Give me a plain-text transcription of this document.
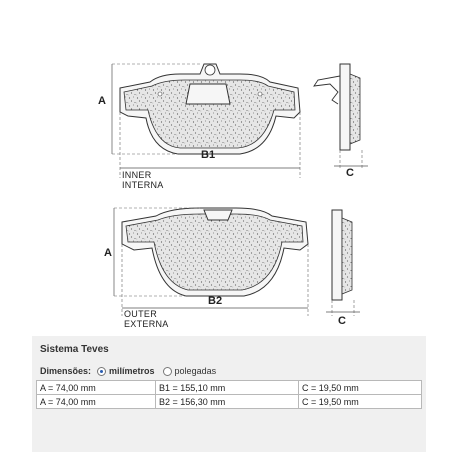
A
B1
C
INNER
INTERNA
A
B2
C
OUTER
EXTERNA
Sistema Teves
Dimensões: milímetros polegadas
A = 74,00 mm	B1 = 155,10 mm	C = 19,50 mm
A = 74,00 mm	B2 = 156,30 mm	C = 19,50 mm
